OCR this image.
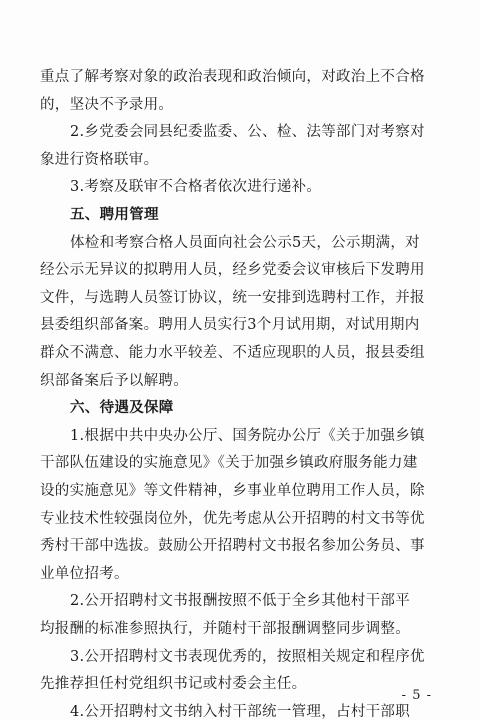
- 5 -
重点了解考察对象的政治表现和政治倾向，对政治上不合格
的，坚决不予录用。
2.乡党委会同县纪委监委、公、检、法等部门对考察对
象进行资格联审。
3.考察及联审不合格者依次进行递补。
五、聘用管理
体检和考察合格人员面向社会公示5天，公示期满，对
经公示无异议的拟聘用人员，经乡党委会议审核后下发聘用
文件，与选聘人员签订协议，统一安排到选聘村工作，并报
县委组织部备案。聘用人员实行3个月试用期，对试用期内
群众不满意、能力水平较差、不适应现职的人员，报县委组
织部备案后予以解聘。
六、待遇及保障
1.根据中共中央办公厅、国务院办公厅《关于加强乡镇
干部队伍建设的实施意见》《关于加强乡镇政府服务能力建
设的实施意见》等文件精神，乡事业单位聘用工作人员，除
专业技术性较强岗位外，优先考虑从公开招聘的村文书等优
秀村干部中选拔。鼓励公开招聘村文书报名参加公务员、事
业单位招考。
2.公开招聘村文书报酬按照不低于全乡其他村干部平
均报酬的标准参照执行，并随村干部报酬调整同步调整。
3.公开招聘村文书表现优秀的，按照相关规定和程序优
先推荐担任村党组织书记或村委会主任。
4.公开招聘村文书纳入村干部统一管理，占村干部职
